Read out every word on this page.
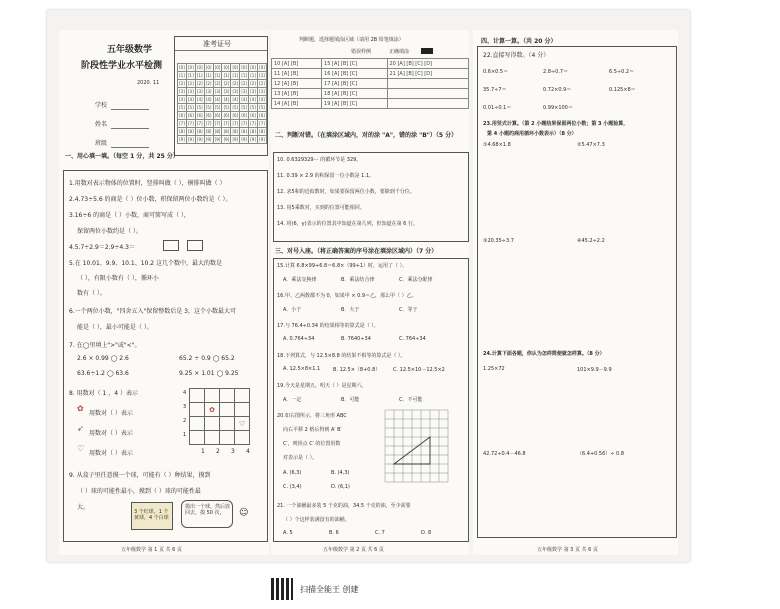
五年级数学
阶段性学业水平检测
2020. 11
学校
姓名
班级
准考证号
[0]	[0]	[0]	[0]	[0]	[0]	[0]	[0]	[0]	[0]
[1]	[1]	[1]	[1]	[1]	[1]	[1]	[1]	[1]	[1]
[2]	[2]	[2]	[2]	[2]	[2]	[2]	[2]	[2]	[2]
[3]	[3]	[3]	[3]	[3]	[3]	[3]	[3]	[3]	[3]
[4]	[4]	[4]	[4]	[4]	[4]	[4]	[4]	[4]	[4]
[5]	[5]	[5]	[5]	[5]	[5]	[5]	[5]	[5]	[5]
[6]	[6]	[6]	[6]	[6]	[6]	[6]	[6]	[6]	[6]
[7]	[7]	[7]	[7]	[7]	[7]	[7]	[7]	[7]	[7]
[8]	[8]	[8]	[8]	[8]	[8]	[8]	[8]	[8]	[8]
[9]	[9]	[9]	[9]	[9]	[9]	[9]	[9]	[9]	[9]
一、用心填一填。（每空 1 分，共 25 分）
1.用数对表示物体的位置时，竖排叫做（ ），横排叫做（ ）
2.4.73÷5.6 的商是（ ）位小数，积保留两位小数约是（ ）。
3.16÷6 的商是（ ）小数，商可简写成（ ），
保留两位小数约是（ ）。
4.5.7÷2.9＝2.9÷4.3＝
5.在 10.01、9.9、10.1、10.2 这几个数中，最大的数是
（ ），有限小数有（ ），循环小
数有（ ）。
6.一个两位小数，"四舍五入"保留整数后是 3，这个小数最大可
能是（ ），最小可能是（ ）。
7. 在◯里填上">"或"<"。
2.6 × 0.99 ◯ 2.6	65.2 ÷ 0.9 ◯ 65.2
63.6÷1.2 ◯ 63.6	9.25 × 1.01 ◯ 9.25
8. 用数对（ 1 ，4 ）表示
用数对（ ）表示
用数对（ ）表示
用数对（ ）表示
✿
➶
♡

	✿		
			♡

4
3
2
1
1 2 3 4
9. 从盒子里任意摸一个球，可能有（ ）种结果，摸到
（ ）球的可能性最小，摸到（ ）球的可能性最
大。
3 个红球，1 个黄球，4 个白球
摸出一个球，然后放回去，摸 50 次，	☺
五年级数学 第 1 页 共 6 页
判断题，选择题填涂区域（请用 2B 铅笔填涂）
错误样例	正确填涂
10 [A] [B]	15 [A] [B] [C]	20 [A] [B] [C] [D]
11 [A] [B]	16 [A] [B] [C]	21 [A] [B] [C] [D]
12 [A] [B]	17 [A] [B] [C]	
13 [A] [B]	18 [A] [B] [C]	
14 [A] [B]	19 [A] [B] [C]	
二、判断对错。（在填涂区域内，对的涂 "A"，错的涂 "B"）（5 分）
10. 0.6329329⋯ 的循环节是 329。
11. 0.39 × 2.9 的积保留一位小数是 1.1。
12. 求5和的近似数时，如果要保留两位小数，要除到千分位。
13. 用5乘数对，买到的位置可能相同。
14. 用(6，y)表示的位置其中知道在第几列，但知道在第 6 行。
三、对号入座。（将正确答案的序号涂在填涂区域内）（7 分）
15.计算 6.8×99+6.8＝6.8×（99+1）时，运用了（ ）。
A．乘法交换律	B．乘法结合律	C．乘法分配律
16.甲、乙两数都不为 0，如果甲 × 0.9＝乙，那么甲（ ）乙。
A．小于	B．大于	C．等于
17.与 76.4÷0.34 的结果相等的算式是（ ）。
A. 0.764÷34	B. 7640÷34	C. 764÷34
18.下列算式，与 12.5×8.8 的结果不相等的算式是（ ）。
A. 12.5×8×1.1	B. 12.5×（8+0.8）	C. 12.5×10－12.5×2
19.今天是星期五，明天（ ）是星期六。
A．一定	B．可能	C．不可能
20.如右图所示，将三角形 ABC
向右平移 2 格后得到 A′ B′
C′，则顶点 C′ 的位置用数
对表示是（ ）。
A. (6,3)	B. (4,3)
C. (3,4)	D. (6,1)
21. 一个油桶最多装 5 千克的油，34.5 千克的油，至少需要
（ ）个这样装满没有的油桶。
A. 5	B. 6	C. 7	D. 8
五年级数学 第 2 页 共 6 页
四、计算一算。（共 20 分）
22.直接写得数。（4 分）
0.6×0.5＝	2.8÷0.7＝	6.5÷0.2＝
35.7÷7＝	0.72×0.9＝	0.125×8＝
0.01÷0.1＝	0.99×100＝
23.用竖式计算。（第 2 小题结果保留两位小数；第 3 小题验算，
第 4 小题的商用循环小数表示）（8 分）
①4.68×1.8	②5.47×7.3
③20.35÷3.7	④45.2÷2.2
24.计算下面各题，你认为怎样简便就怎样算。（8 分）
1.25×72	101×9.9－9.9
42.72÷0.4－46.8	（6.4+0.56）÷ 0.8
五年级数学 第 3 页 共 6 页
扫描全能王 创建
